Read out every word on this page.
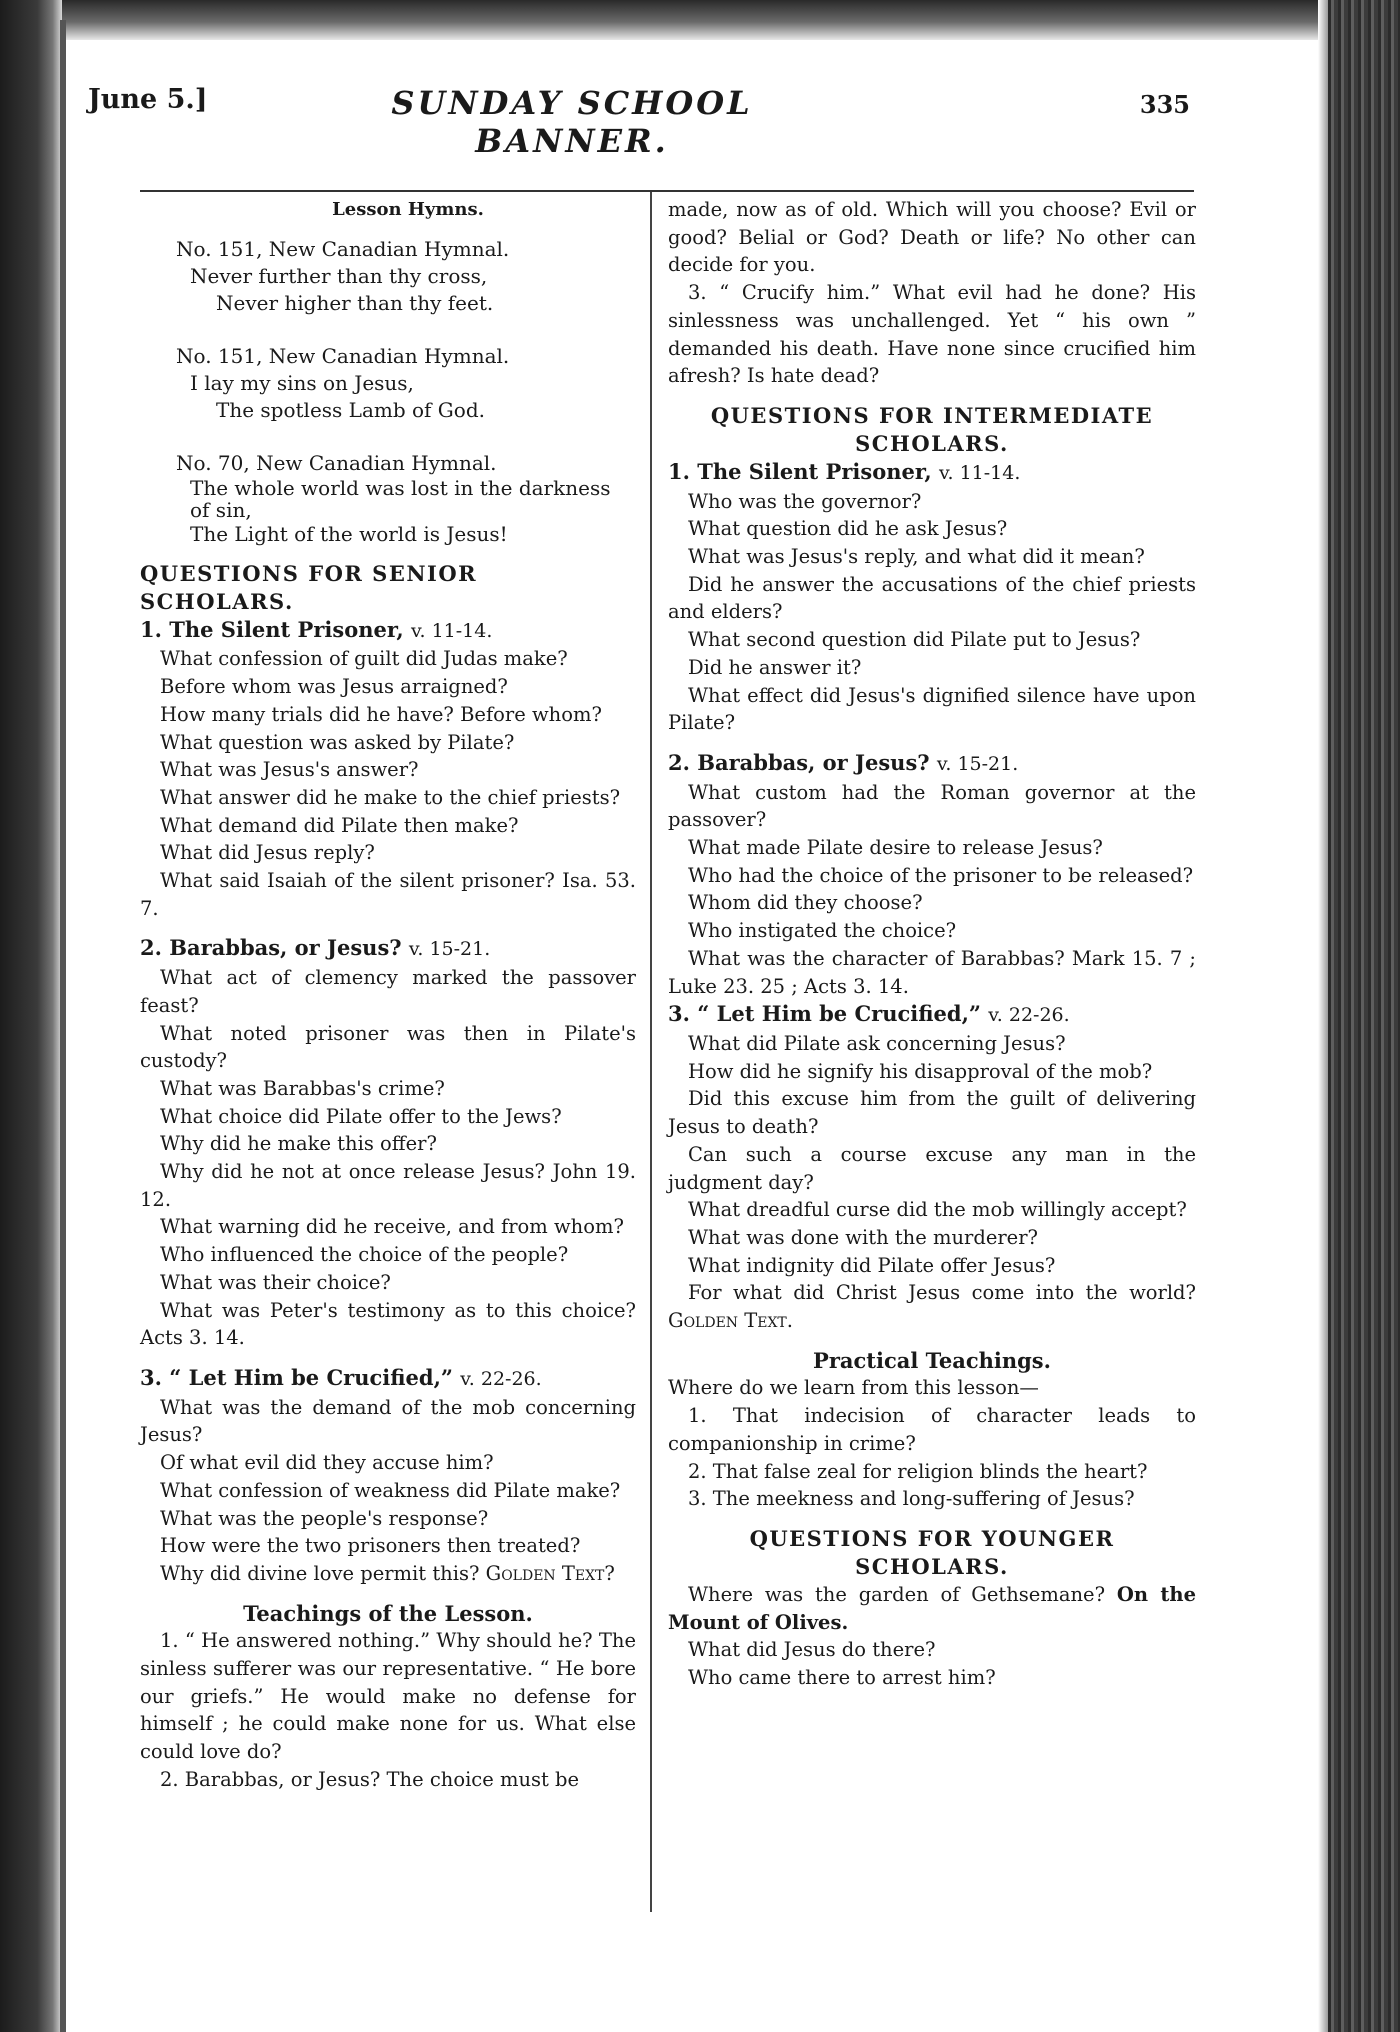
June 5.]	SUNDAY SCHOOL BANNER.
335
Lesson Hymns.
No. 151, New Canadian Hymnal.
Never further than thy cross,
Never higher than thy feet.
No. 151, New Canadian Hymnal.
I lay my sins on Jesus,
The spotless Lamb of God.
No. 70, New Canadian Hymnal.
The whole world was lost in the darkness of sin,
The Light of the world is Jesus!
QUESTIONS FOR SENIOR SCHOLARS.
1. The Silent Prisoner, v. 11-14.
What confession of guilt did Judas make?
Before whom was Jesus arraigned?
How many trials did he have? Before whom?
What question was asked by Pilate?
What was Jesus's answer?
What answer did he make to the chief priests?
What demand did Pilate then make?
What did Jesus reply?
What said Isaiah of the silent prisoner? Isa. 53. 7.
2. Barabbas, or Jesus? v. 15-21.
What act of clemency marked the passover feast?
What noted prisoner was then in Pilate's custody?
What was Barabbas's crime?
What choice did Pilate offer to the Jews?
Why did he make this offer?
Why did he not at once release Jesus? John 19. 12.
What warning did he receive, and from whom?
Who influenced the choice of the people?
What was their choice?
What was Peter's testimony as to this choice? Acts 3. 14.
3. “ Let Him be Crucified,” v. 22-26.
What was the demand of the mob concerning Jesus?
Of what evil did they accuse him?
What confession of weakness did Pilate make?
What was the people's response?
How were the two prisoners then treated?
Why did divine love permit this? Golden Text?
Teachings of the Lesson.
1. “ He answered nothing.” Why should he? The sinless sufferer was our representative. “ He bore our griefs.” He would make no defense for himself ; he could make none for us. What else could love do?
2. Barabbas, or Jesus? The choice must be
made, now as of old. Which will you choose? Evil or good? Belial or God? Death or life? No other can decide for you.
3. “ Crucify him.” What evil had he done? His sinlessness was unchallenged. Yet “ his own ” demanded his death. Have none since crucified him afresh? Is hate dead?
QUESTIONS FOR INTERMEDIATE
SCHOLARS.
1. The Silent Prisoner, v. 11-14.
Who was the governor?
What question did he ask Jesus?
What was Jesus's reply, and what did it mean?
Did he answer the accusations of the chief priests and elders?
What second question did Pilate put to Jesus?
Did he answer it?
What effect did Jesus's dignified silence have upon Pilate?
2. Barabbas, or Jesus? v. 15-21.
What custom had the Roman governor at the passover?
What made Pilate desire to release Jesus?
Who had the choice of the prisoner to be released?
Whom did they choose?
Who instigated the choice?
What was the character of Barabbas? Mark 15. 7 ; Luke 23. 25 ; Acts 3. 14.
3. “ Let Him be Crucified,” v. 22-26.
What did Pilate ask concerning Jesus?
How did he signify his disapproval of the mob?
Did this excuse him from the guilt of delivering Jesus to death?
Can such a course excuse any man in the judgment day?
What dreadful curse did the mob willingly accept?
What was done with the murderer?
What indignity did Pilate offer Jesus?
For what did Christ Jesus come into the world? Golden Text.
Practical Teachings.
Where do we learn from this lesson—
1. That indecision of character leads to companionship in crime?
2. That false zeal for religion blinds the heart?
3. The meekness and long-suffering of Jesus?
QUESTIONS FOR YOUNGER
SCHOLARS.
Where was the garden of Gethsemane? On the Mount of Olives.
What did Jesus do there?
Who came there to arrest him?
